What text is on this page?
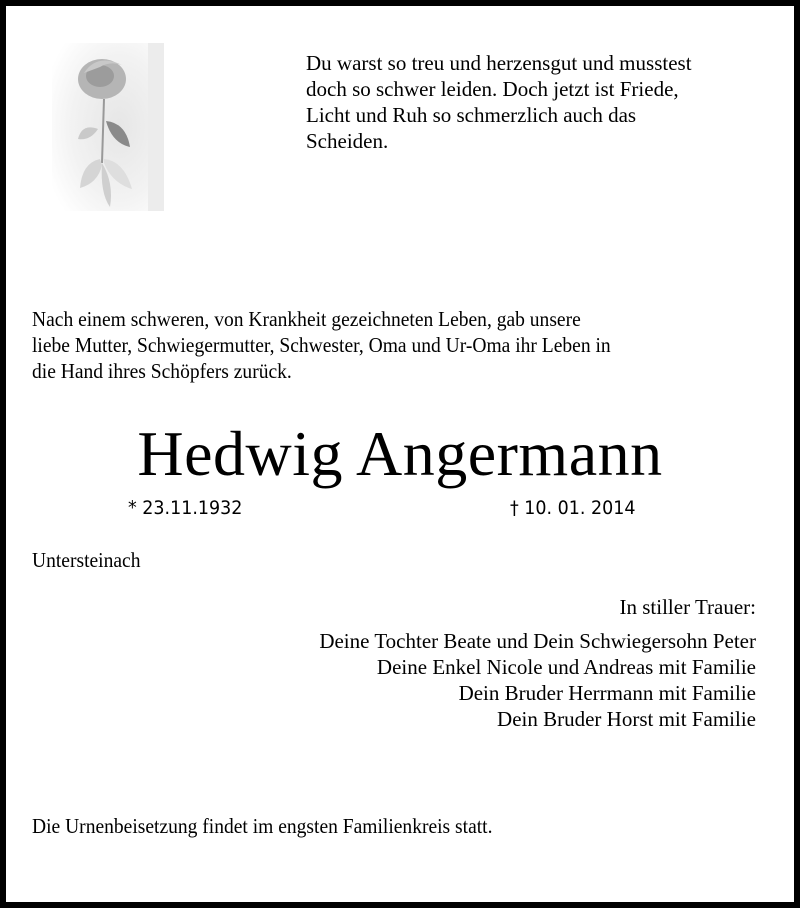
Du warst so treu und herzensgut und musstest
doch so schwer leiden. Doch jetzt ist Friede,
Licht und Ruh so schmerzlich auch das
Scheiden.
Nach einem schweren, von Krankheit gezeichneten Leben, gab unsere
liebe Mutter, Schwiegermutter, Schwester, Oma und Ur-Oma ihr Leben in
die Hand ihres Schöpfers zurück.
Hedwig Angermann
* 23.11.1932	† 10. 01. 2014
Untersteinach
In stiller Trauer:
Deine Tochter Beate und Dein Schwiegersohn Peter
Deine Enkel Nicole und Andreas mit Familie
Dein Bruder Herrmann mit Familie
Dein Bruder Horst mit Familie
Die Urnenbeisetzung findet im engsten Familienkreis statt.
